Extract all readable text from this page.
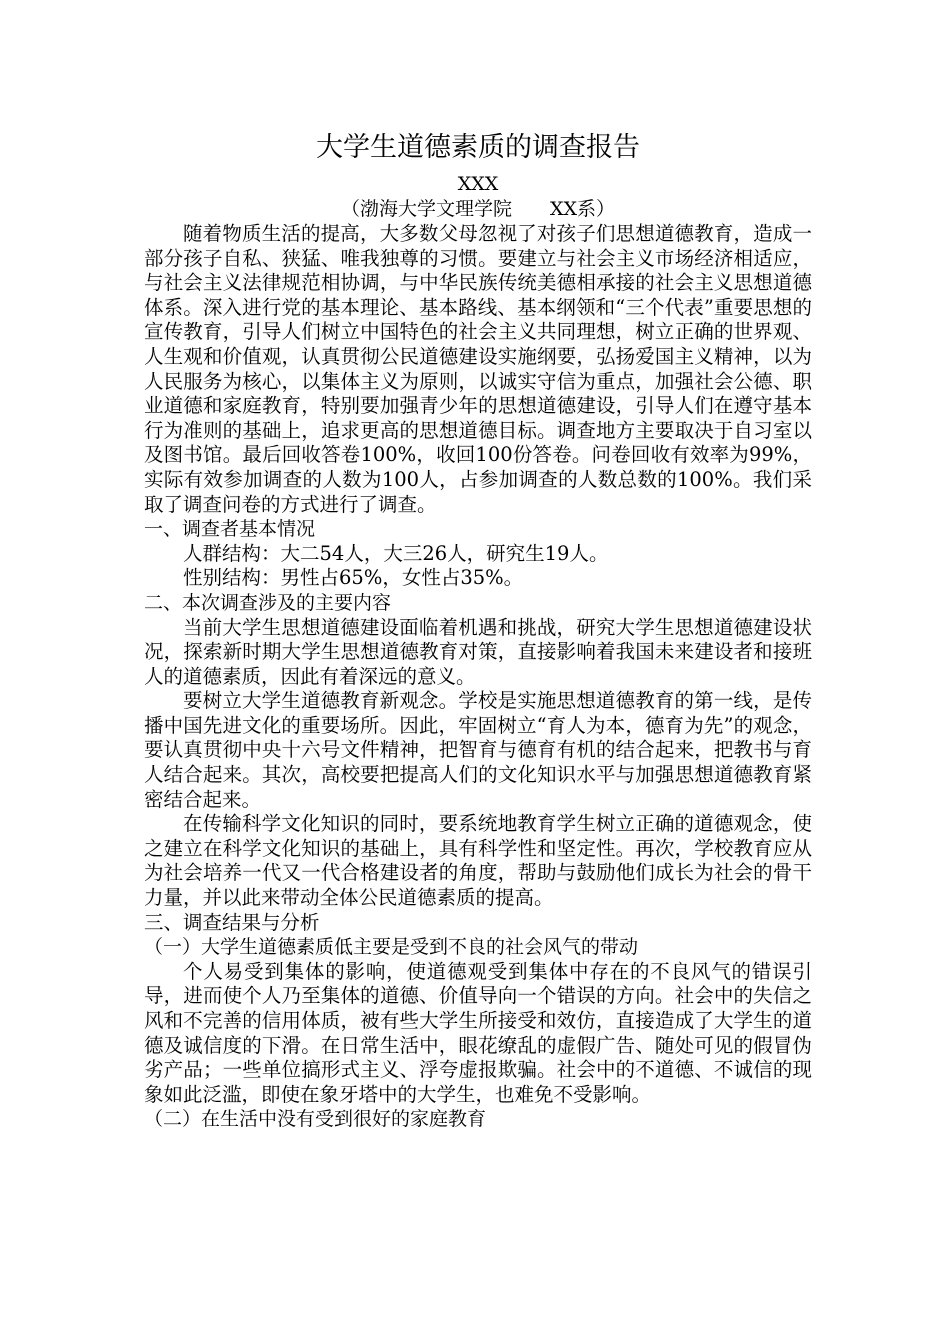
大学生道德素质的调查报告
XXX
（渤海大学文理学院　　XX系）

随着物质生活的提高，大多数父母忽视了对孩子们思想道德教育，造成一部分孩子自私、狭猛、唯我独尊的习惯。要建立与社会主义市场经济相适应，与社会主义法律规范相协调，与中华民族传统美德相承接的社会主义思想道德体系。深入进行党的基本理论、基本路线、基本纲领和“三个代表”重要思想的宣传教育，引导人们树立中国特色的社会主义共同理想，树立正确的世界观、人生观和价值观，认真贯彻公民道德建设实施纲要，弘扬爱国主义精神，以为人民服务为核心，以集体主义为原则，以诚实守信为重点，加强社会公德、职业道德和家庭教育，特别要加强青少年的思想道德建设，引导人们在遵守基本行为准则的基础上，追求更高的思想道德目标。调查地方主要取决于自习室以及图书馆。最后回收答卷100%，收回100份答卷。问卷回收有效率为99%，实际有效参加调查的人数为100人，占参加调查的人数总数的100%。我们采取了调查问卷的方式进行了调查。

一、调查者基本情况

人群结构：大二54人，大三26人，研究生19人。

性别结构：男性占65%，女性占35%。

二、本次调查涉及的主要内容

当前大学生思想道德建设面临着机遇和挑战，研究大学生思想道德建设状况，探索新时期大学生思想道德教育对策，直接影响着我国未来建设者和接班人的道德素质，因此有着深远的意义。

要树立大学生道德教育新观念。学校是实施思想道德教育的第一线，是传播中国先进文化的重要场所。因此，牢固树立“育人为本，德育为先”的观念，要认真贯彻中央十六号文件精神，把智育与德育有机的结合起来，把教书与育人结合起来。其次，高校要把提高人们的文化知识水平与加强思想道德教育紧密结合起来。

在传输科学文化知识的同时，要系统地教育学生树立正确的道德观念，使之建立在科学文化知识的基础上，具有科学性和坚定性。再次，学校教育应从为社会培养一代又一代合格建设者的角度，帮助与鼓励他们成长为社会的骨干力量，并以此来带动全体公民道德素质的提高。

三、调查结果与分析
（一）大学生道德素质低主要是受到不良的社会风气的带动

个人易受到集体的影响，使道德观受到集体中存在的不良风气的错误引导，进而使个人乃至集体的道德、价值导向一个错误的方向。社会中的失信之风和不完善的信用体质，被有些大学生所接受和效仿，直接造成了大学生的道德及诚信度的下滑。在日常生活中，眼花缭乱的虚假广告、随处可见的假冒伪劣产品；一些单位搞形式主义、浮夸虚报欺骗。社会中的不道德、不诚信的现象如此泛滥，即使在象牙塔中的大学生，也难免不受影响。

（二）在生活中没有受到很好的家庭教育
